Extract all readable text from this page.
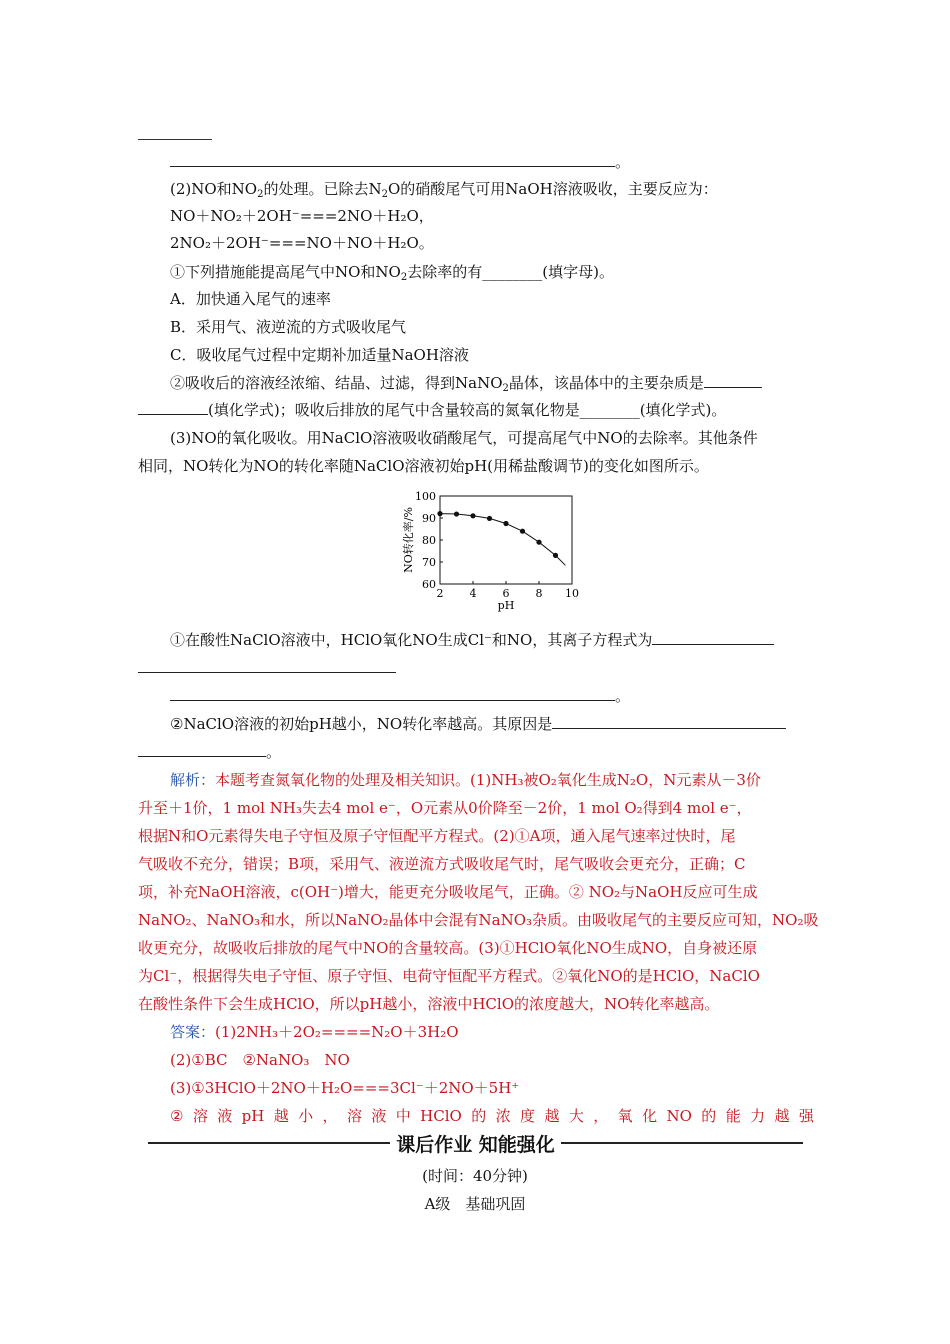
。
(2)NO和$NO_2$的处理。已除去$N_2O$的硝酸尾气可用NaOH溶液吸收，主要反应为：
NO＋NO₂＋2OH⁻===2NO＋H₂O，
2NO₂＋2OH⁻===NO＋NO＋H₂O。
①下列措施能提高尾气中NO和$NO_2$去除率的有________(填字母)。
A．加快通入尾气的速率
B．采用气、液逆流的方式吸收尾气
C．吸收尾气过程中定期补加适量NaOH溶液
②吸收后的溶液经浓缩、结晶、过滤，得到NaNO$_2$晶体，该晶体中的主要杂质是
(填化学式)；吸收后排放的尾气中含量较高的氮氧化物是________(填化学式)。
(3)NO的氧化吸收。用NaClO溶液吸收硝酸尾气，可提高尾气中NO的去除率。其他条件
相同，NO转化为NO的转化率随NaClO溶液初始pH(用稀盐酸调节)的变化如图所示。
2 4 6 8 10
60
70
80
90
100
pH
NO转化率/%
①在酸性NaClO溶液中，HClO氧化NO生成Cl⁻和NO，其离子方程式为
。
②NaClO溶液的初始pH越小，NO转化率越高。其原因是
。
解析：本题考查氮氧化物的处理及相关知识。(1)NH₃被O₂氧化生成N₂O，N元素从－3价
升至＋1价，1 mol NH₃失去4 mol e⁻，O元素从0价降至－2价，1 mol O₂得到4 mol e⁻，
根据N和O元素得失电子守恒及原子守恒配平方程式。(2)①A项，通入尾气速率过快时，尾
气吸收不充分，错误；B项，采用气、液逆流方式吸收尾气时，尾气吸收会更充分，正确；C
项，补充NaOH溶液，c(OH⁻)增大，能更充分吸收尾气，正确。② NO₂与NaOH反应可生成
NaNO₂、NaNO₃和水，所以NaNO₂晶体中会混有NaNO₃杂质。由吸收尾气的主要反应可知，NO₂吸
收更充分，故吸收后排放的尾气中NO的含量较高。(3)①HClO氧化NO生成NO，自身被还原
为Cl⁻，根据得失电子守恒、原子守恒、电荷守恒配平方程式。②氧化NO的是HClO，NaClO
在酸性条件下会生成HClO，所以pH越小，溶液中HClO的浓度越大，NO转化率越高。
答案：(1)2NH₃＋2O₂====N₂O＋3H₂O
(2)①BC　②NaNO₃　NO
(3)①3HClO＋2NO＋H₂O===3Cl⁻＋2NO＋5H⁺
② 溶 液 pH 越 小 ， 溶 液 中 HClO 的 浓 度 越 大 ， 氧 化 NO 的 能 力 越 强
课后作业 知能强化
(时间：40分钟)
A级　基础巩固
